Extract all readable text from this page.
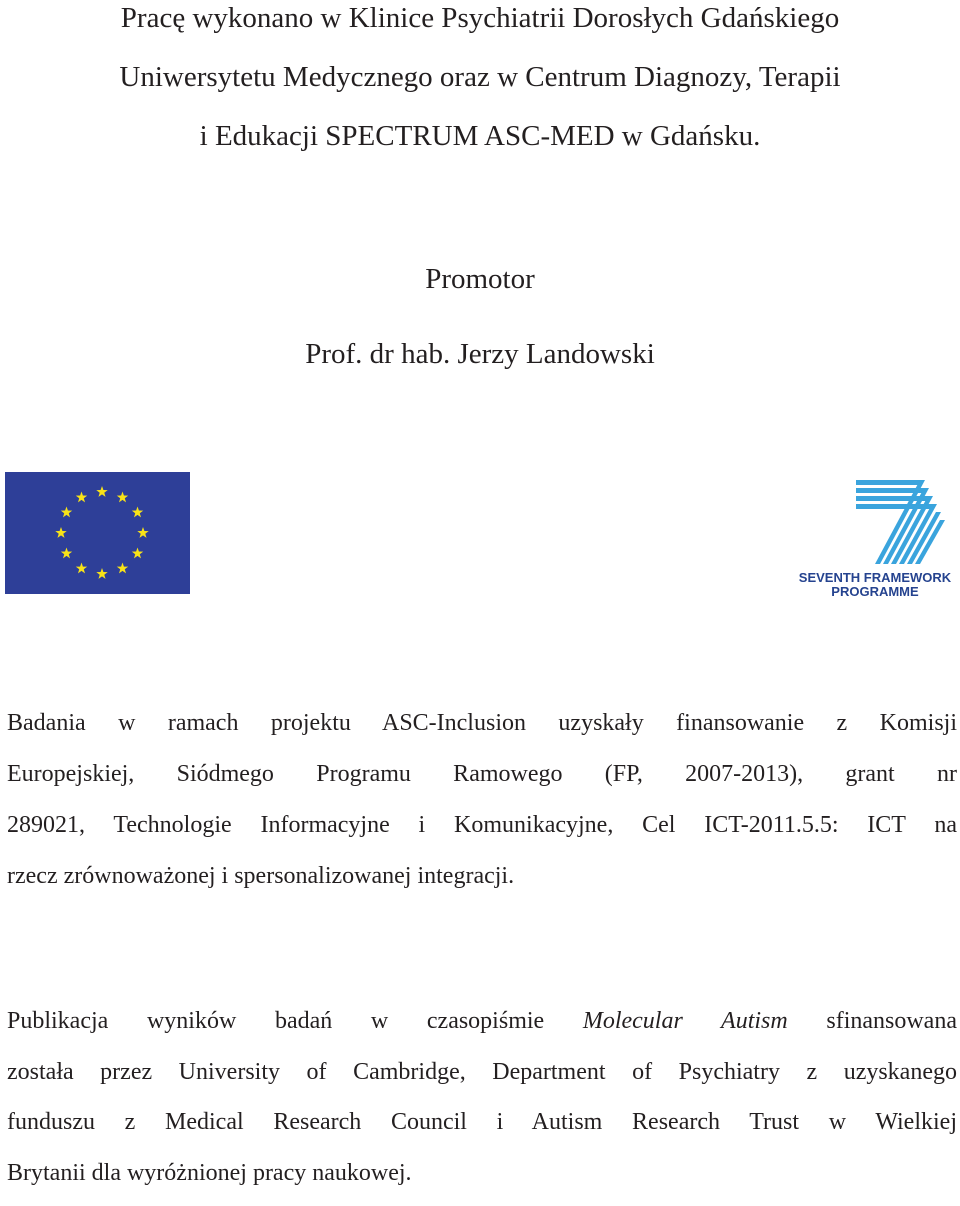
Pracę wykonano w Klinice Psychiatrii Dorosłych Gdańskiego
Uniwersytetu Medycznego oraz w Centrum Diagnozy, Terapii
i Edukacji SPECTRUM ASC-MED w Gdańsku.
Promotor
Prof. dr hab. Jerzy Landowski
SEVENTH FRAMEWORK
PROGRAMME
Badania w ramach projektu ASC-Inclusion uzyskały finansowanie z Komisji
Europejskiej, Siódmego Programu Ramowego (FP, 2007-2013), grant nr
289021, Technologie Informacyjne i Komunikacyjne, Cel ICT-2011.5.5: ICT na
rzecz zrównoważonej i spersonalizowanej integracji.
Publikacja wyników badań w czasopiśmie Molecular Autism sfinansowana
została przez University of Cambridge, Department of Psychiatry z uzyskanego
funduszu z Medical Research Council i Autism Research Trust w Wielkiej
Brytanii dla wyróżnionej pracy naukowej.
